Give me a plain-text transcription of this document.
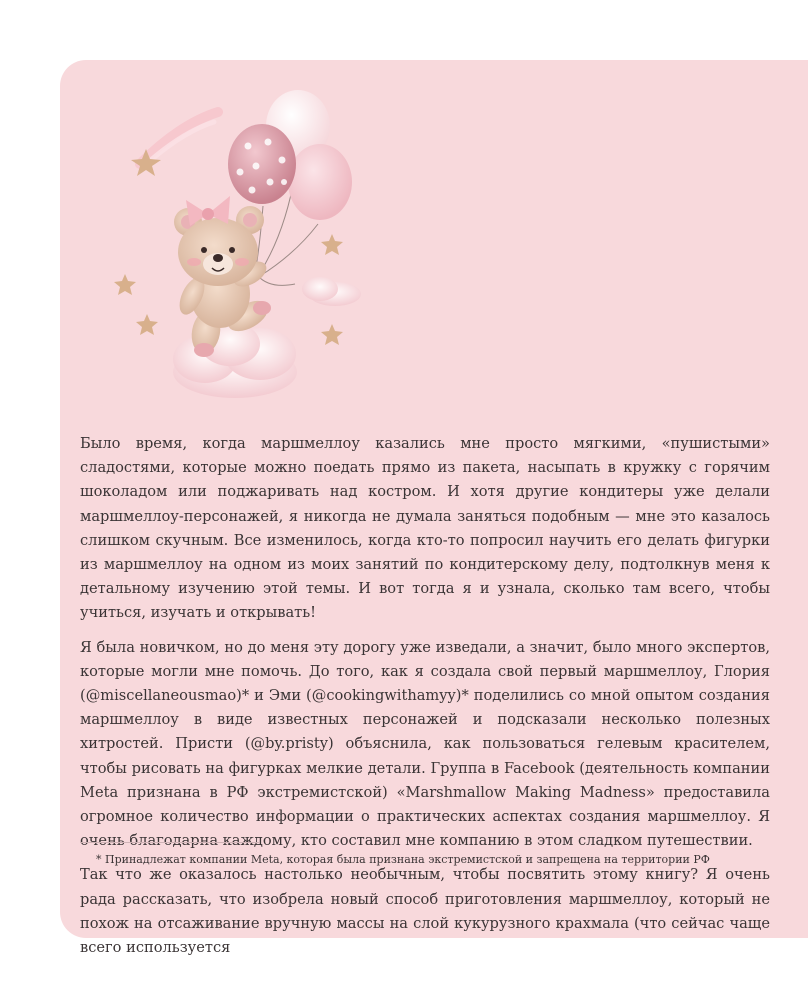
Было время, когда маршмеллоу казались мне просто мягкими, «пушистыми» сладостями, которые можно поедать прямо из пакета, насыпать в кружку с горячим шоколадом или поджаривать над костром. И хотя другие кондитеры уже делали маршмеллоу-персонажей, я никогда не думала заняться подобным — мне это казалось слишком скучным. Все изменилось, когда кто-то попросил научить его делать фигурки из маршмеллоу на одном из моих занятий по кондитерскому делу, подтолкнув меня к детальному изучению этой темы. И вот тогда я и узнала, сколько там всего, чтобы учиться, изучать и открывать!

Я была новичком, но до меня эту дорогу уже изведали, а значит, было много экспертов, которые могли мне помочь. До того, как я создала свой первый маршмеллоу, Глория (@miscellaneousmao)* и Эми (@cookingwithamyy)* поделились со мной опытом создания маршмеллоу в виде известных персонажей и подсказали несколько полезных хитростей. Присти (@by.pristy) объяснила, как пользоваться гелевым красителем, чтобы рисовать на фигурках мелкие детали. Группа в Facebook (деятельность компании Meta признана в РФ экстремистской) «Marshmallow Making Madness» предоставила огромное количество информации о практических аспектах создания маршмеллоу. Я очень благодарна каждому, кто составил мне компанию в этом сладком путешествии.

Так что же оказалось настолько необычным, чтобы посвятить этому книгу? Я очень рада рассказать, что изобрела новый способ приготовления маршмеллоу, который не похож на отсаживание вручную массы на слой кукурузного крахмала (что сейчас чаще всего используется

* Принадлежат компании Meta, которая была признана экстремистской и запрещена на территории РФ
